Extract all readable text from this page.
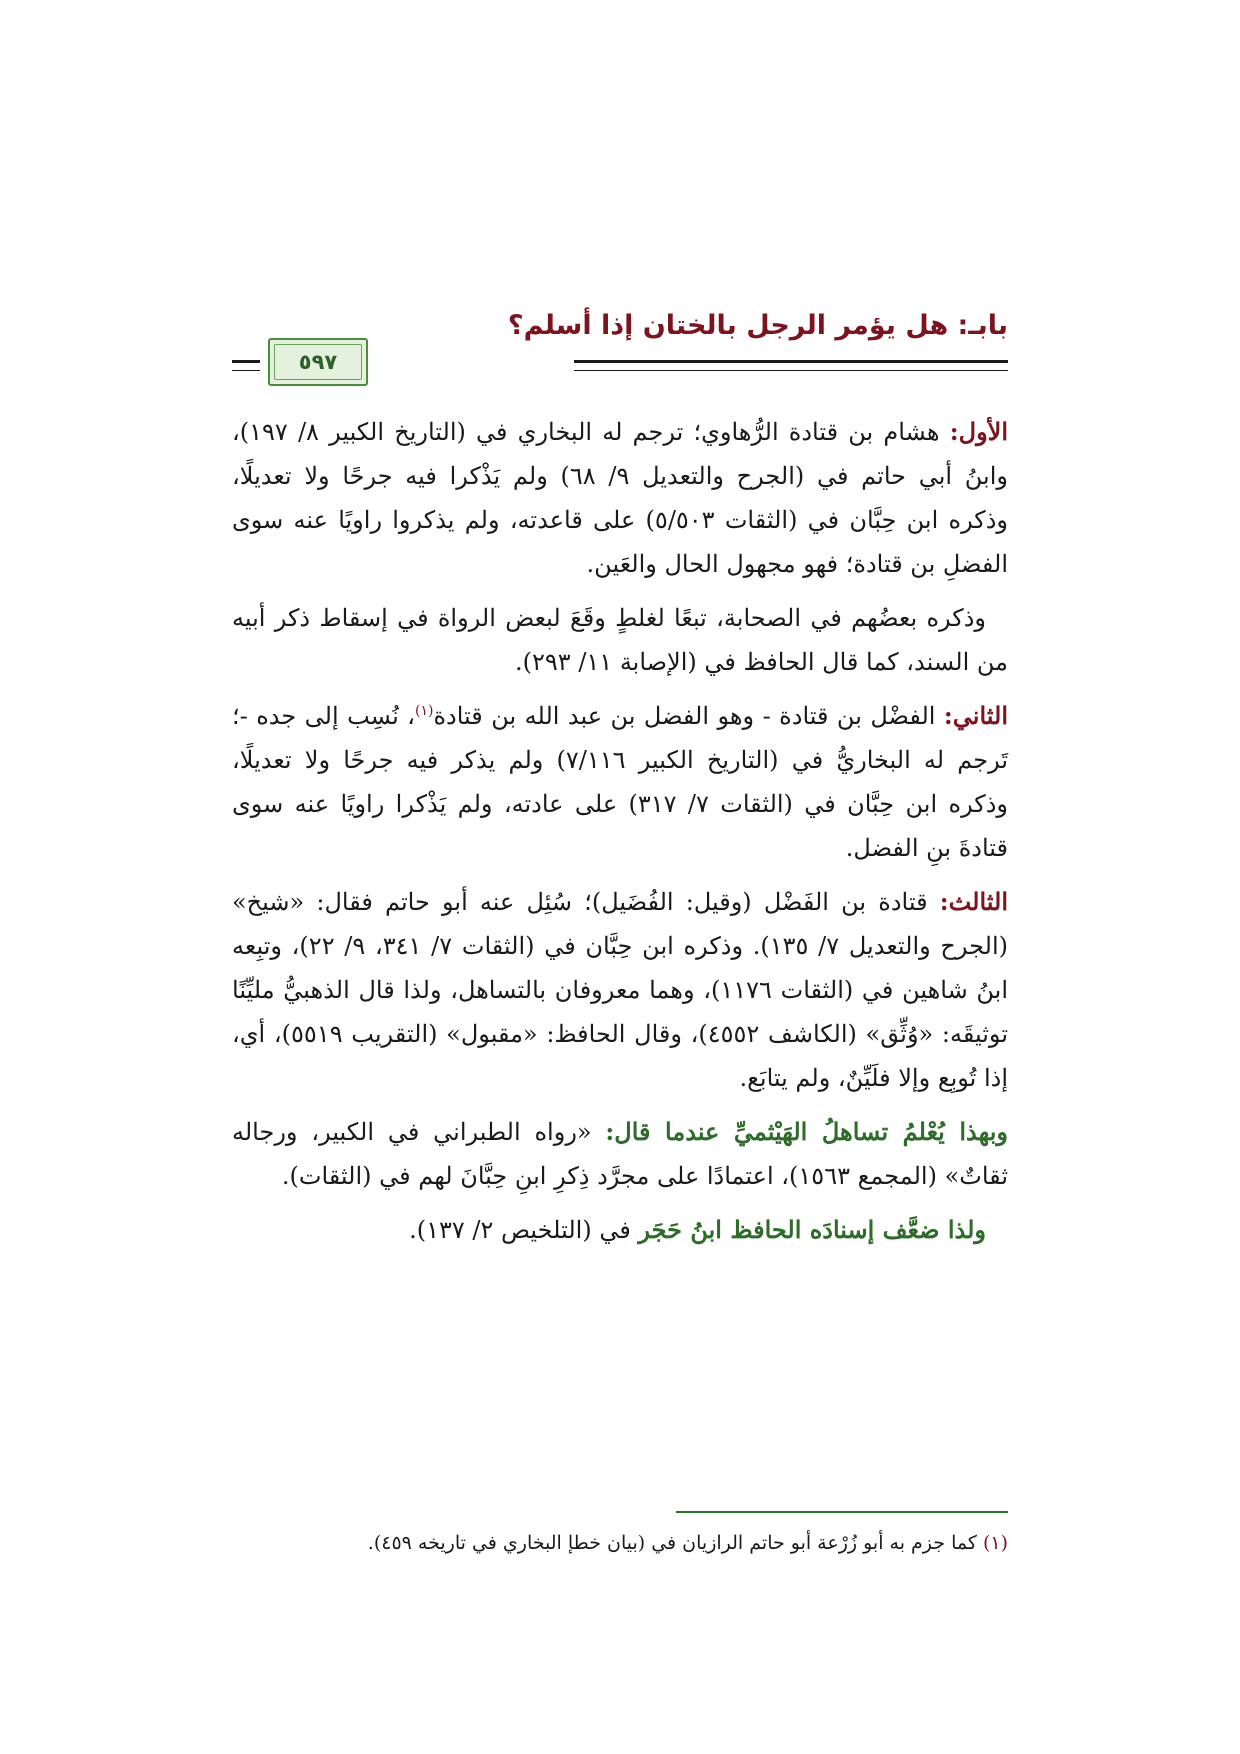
بابـ: هل يؤمر الرجل بالختان إذا أسلم؟
٥٩٧

الأول: هشام بن قتادة الرُّهاوي؛ ترجم له البخاري في (التاريخ الكبير ٨/ ١٩٧)، وابنُ أبي حاتم في (الجرح والتعديل ٩/ ٦٨) ولم يَذْكرا فيه جرحًا ولا تعديلًا، وذكره ابن حِبَّان في (الثقات ٥/٥٠٣) على قاعدته، ولم يذكروا راويًا عنه سوى الفضلِ بن قتادة؛ فهو مجهول الحال والعَين.

وذكره بعضُهم في الصحابة، تبعًا لغلطٍ وقَعَ لبعض الرواة في إسقاط ذكر أبيه من السند، كما قال الحافظ في (الإصابة ١١/ ٢٩٣).

الثاني: الفضْل بن قتادة - وهو الفضل بن عبد الله بن قتادة$^{(١)}$، نُسِب إلى جده -؛ تَرجم له البخاريُّ في (التاريخ الكبير ٧/١١٦) ولم يذكر فيه جرحًا ولا تعديلًا، وذكره ابن حِبَّان في (الثقات ٧/ ٣١٧) على عادته، ولم يَذْكرا راويًا عنه سوى قتادةَ بنِ الفضل.

الثالث: قتادة بن الفَضْل (وقيل: الفُضَيل)؛ سُئِل عنه أبو حاتم فقال: «شيخ» (الجرح والتعديل ٧/ ١٣٥). وذكره ابن حِبَّان في (الثقات ٧/ ٣٤١، ٩/ ٢٢)، وتبِعه ابنُ شاهين في (الثقات ١١٧٦)، وهما معروفان بالتساهل، ولذا قال الذهبيُّ مليِّنًا توثيقَه: «وُثِّق» (الكاشف ٤٥٥٢)، وقال الحافظ: «مقبول» (التقريب ٥٥١٩)، أي، إذا تُوبِع وإلا فلَيِّنٌ، ولم يتابَع.

وبهذا يُعْلمُ تساهلُ الهَيْثميِّ عندما قال: «رواه الطبراني في الكبير، ورجاله ثقاتٌ» (المجمع ١٥٦٣)، اعتمادًا على مجرَّد ذِكرِ ابنِ حِبَّانَ لهم في (الثقات).

ولذا ضعَّف إسنادَه الحافظ ابنُ حَجَر في (التلخيص ٢/ ١٣٧).

(١) كما جزم به أبو زُرْعة أبو حاتم الرازيان في (بيان خطإ البخاري في تاريخه ٤٥٩).
